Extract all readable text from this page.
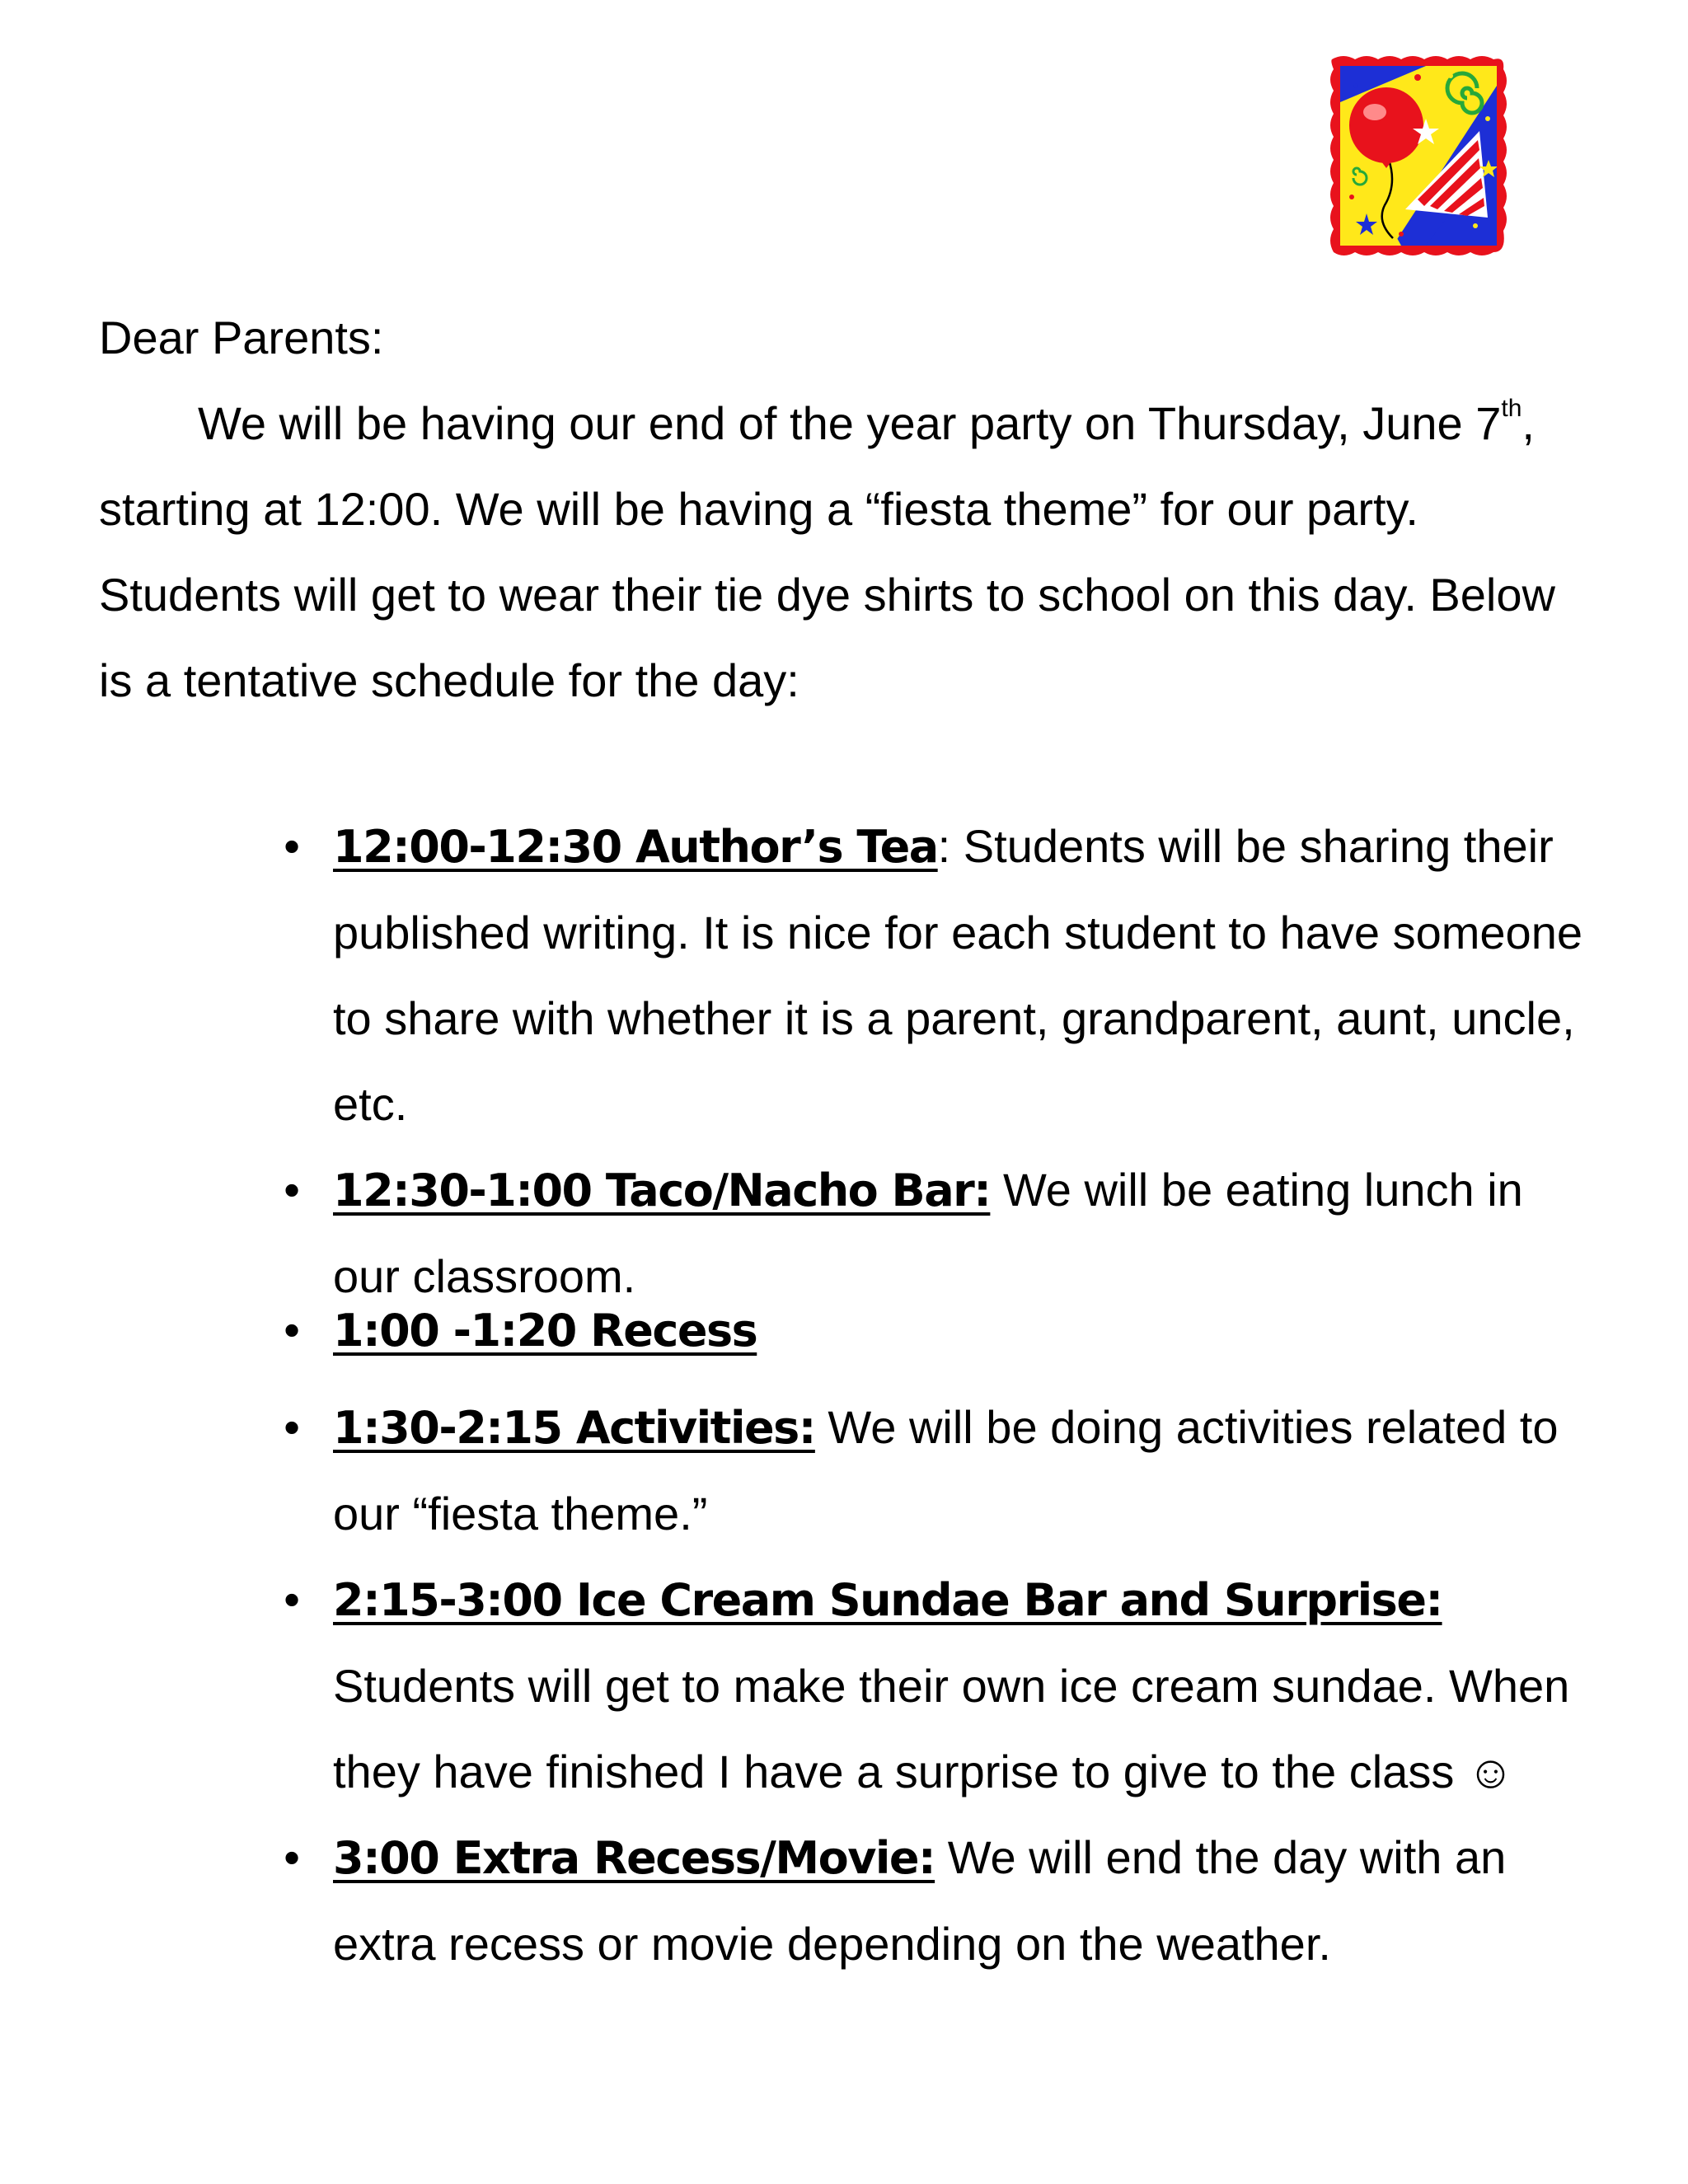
Dear Parents:

We will be having our end of the year party on Thursday, June 7th, starting at 12:00. We will be having a “fiesta theme” for our party. Students will get to wear their tie dye shirts to school on this day. Below is a tentative schedule for the day:

• 12:00-12:30 Author’s Tea: Students will be sharing their published writing. It is nice for each student to have someone to share with whether it is a parent, grandparent, aunt, uncle, etc.
• 12:30-1:00 Taco/Nacho Bar: We will be eating lunch in our classroom.
• 1:00 -1:20 Recess
• 1:30-2:15 Activities: We will be doing activities related to our “fiesta theme.”
• 2:15-3:00 Ice Cream Sundae Bar and Surprise: Students will get to make their own ice cream sundae. When they have finished I have a surprise to give to the class ☺
• 3:00 Extra Recess/Movie: We will end the day with an extra recess or movie depending on the weather.
